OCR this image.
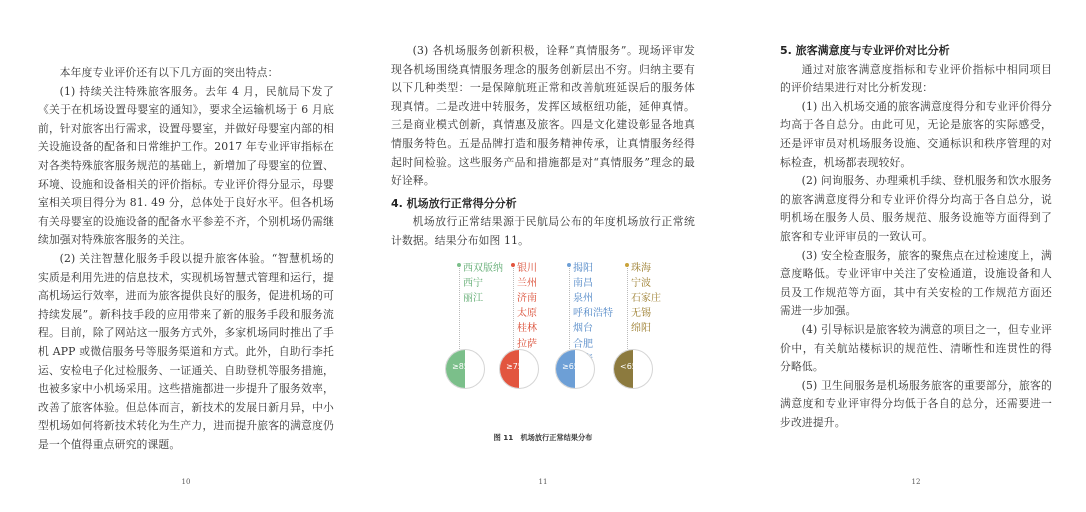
本年度专业评价还有以下几方面的突出特点：

(1) 持续关注特殊旅客服务。去年 4 月，民航局下发了《关于在机场设置母婴室的通知》，要求全运输机场于 6 月底前，针对旅客出行需求，设置母婴室，并做好母婴室内部的相关设施设备的配备和日常维护工作。2017 年专业评审指标在对各类特殊旅客服务规范的基础上，新增加了母婴室的位置、环境、设施和设备相关的评价指标。专业评价得分显示，母婴室相关项目得分为 81. 49 分，总体处于良好水平。但各机场有关母婴室的设施设备的配备水平参差不齐，个别机场仍需继续加强对特殊旅客服务的关注。

(2) 关注智慧化服务手段以提升旅客体验。“智慧机场的实质是利用先进的信息技术，实现机场智慧式管理和运行，提高机场运行效率，进而为旅客提供良好的服务，促进机场的可持续发展”。新科技手段的应用带来了新的服务手段和服务流程。目前，除了网站这一服务方式外，多家机场同时推出了手机 APP 或微信服务号等服务渠道和方式。此外，自助行李托运、安检电子化过检服务、一证通关、自助登机等服务措施，也被多家中小机场采用。这些措施都进一步提升了服务效率，改善了旅客体验。但总体而言，新技术的发展日新月异，中小型机场如何将新技术转化为生产力，进而提升旅客的满意度仍是一个值得重点研究的课题。

10

(3) 各机场服务创新积极，诠释“真情服务”。现场评审发现各机场围绕真情服务理念的服务创新层出不穷。归纳主要有以下几种类型：一是保障航班正常和改善航班延误后的服务体现真情。二是改进中转服务，发挥区域枢纽功能，延伸真情。三是商业模式创新，真情惠及旅客。四是文化建设彰显各地真情服务特色。五是品牌打造和服务精神传承，让真情服务经得起时间检验。这些服务产品和措施都是对“真情服务”理念的最好诠释。

4. 机场放行正常得分分析

机场放行正常结果源于民航局公布的年度机场放行正常统计数据。结果分布如图 11。

西双版纳
西宁
丽江
≥85
银川
兰州
济南
太原
桂林
拉萨
≥75
揭阳
南昌
泉州
呼和浩特
烟台
合肥
≥65
珠海
宁波
石家庄
无锡
绵阳
<65
图 11　机场放行正常结果分布
11
5. 旅客满意度与专业评价对比分析

通过对旅客满意度指标和专业评价指标中相同项目的评价结果进行对比分析发现：

(1) 出入机场交通的旅客满意度得分和专业评价得分均高于各自总分。由此可见，无论是旅客的实际感受，还是评审员对机场服务设施、交通标识和秩序管理的对标检查，机场都表现较好。

(2) 问询服务、办理乘机手续、登机服务和饮水服务的旅客满意度得分和专业评价得分均高于各自总分，说明机场在服务人员、服务规范、服务设施等方面得到了旅客和专业评审员的一致认可。

(3) 安全检查服务，旅客的聚焦点在过检速度上，满意度略低。专业评审中关注了安检通道，设施设备和人员及工作规范等方面，其中有关安检的工作规范方面还需进一步加强。

(4) 引导标识是旅客较为满意的项目之一，但专业评价中，有关航站楼标识的规范性、清晰性和连贯性的得分略低。

(5) 卫生间服务是机场服务旅客的重要部分，旅客的满意度和专业评审得分均低于各自的总分，还需要进一步改进提升。

12
